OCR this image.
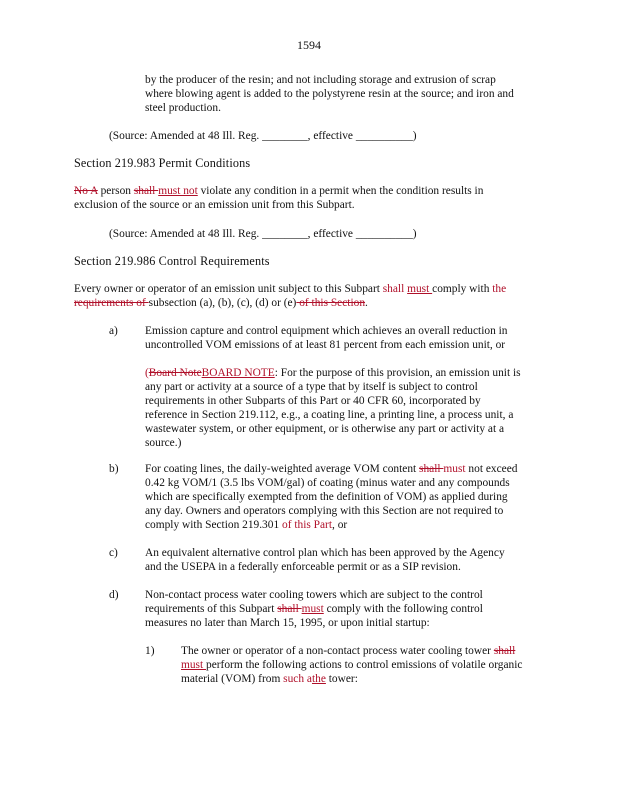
1594
by the producer of the resin; and not including storage and extrusion of scrap
where blowing agent is added to the polystyrene resin at the source; and iron and
steel production.
(Source: Amended at 48 Ill. Reg. ________, effective __________)
Section 219.983 Permit Conditions
No A person shall must not violate any condition in a permit when the condition results in
exclusion of the source or an emission unit from this Subpart.
(Source: Amended at 48 Ill. Reg. ________, effective __________)
Section 219.986 Control Requirements
Every owner or operator of an emission unit subject to this Subpart shall must comply with the
requirements of subsection (a), (b), (c), (d) or (e) of this Section.
a) Emission capture and control equipment which achieves an overall reduction in
uncontrolled VOM emissions of at least 81 percent from each emission unit, or
(Board NoteBOARD NOTE: For the purpose of this provision, an emission unit is
any part or activity at a source of a type that by itself is subject to control
requirements in other Subparts of this Part or 40 CFR 60, incorporated by
reference in Section 219.112, e.g., a coating line, a printing line, a process unit, a
wastewater system, or other equipment, or is otherwise any part or activity at a
source.)
b) For coating lines, the daily-weighted average VOM content shall must not exceed
0.42 kg VOM/1 (3.5 lbs VOM/gal) of coating (minus water and any compounds
which are specifically exempted from the definition of VOM) as applied during
any day. Owners and operators complying with this Section are not required to
comply with Section 219.301 of this Part, or
c) An equivalent alternative control plan which has been approved by the Agency
and the USEPA in a federally enforceable permit or as a SIP revision.
d) Non-contact process water cooling towers which are subject to the control
requirements of this Subpart shall must comply with the following control
measures no later than March 15, 1995, or upon initial startup:
1) The owner or operator of a non-contact process water cooling tower shall
must perform the following actions to control emissions of volatile organic
material (VOM) from such athe tower:
